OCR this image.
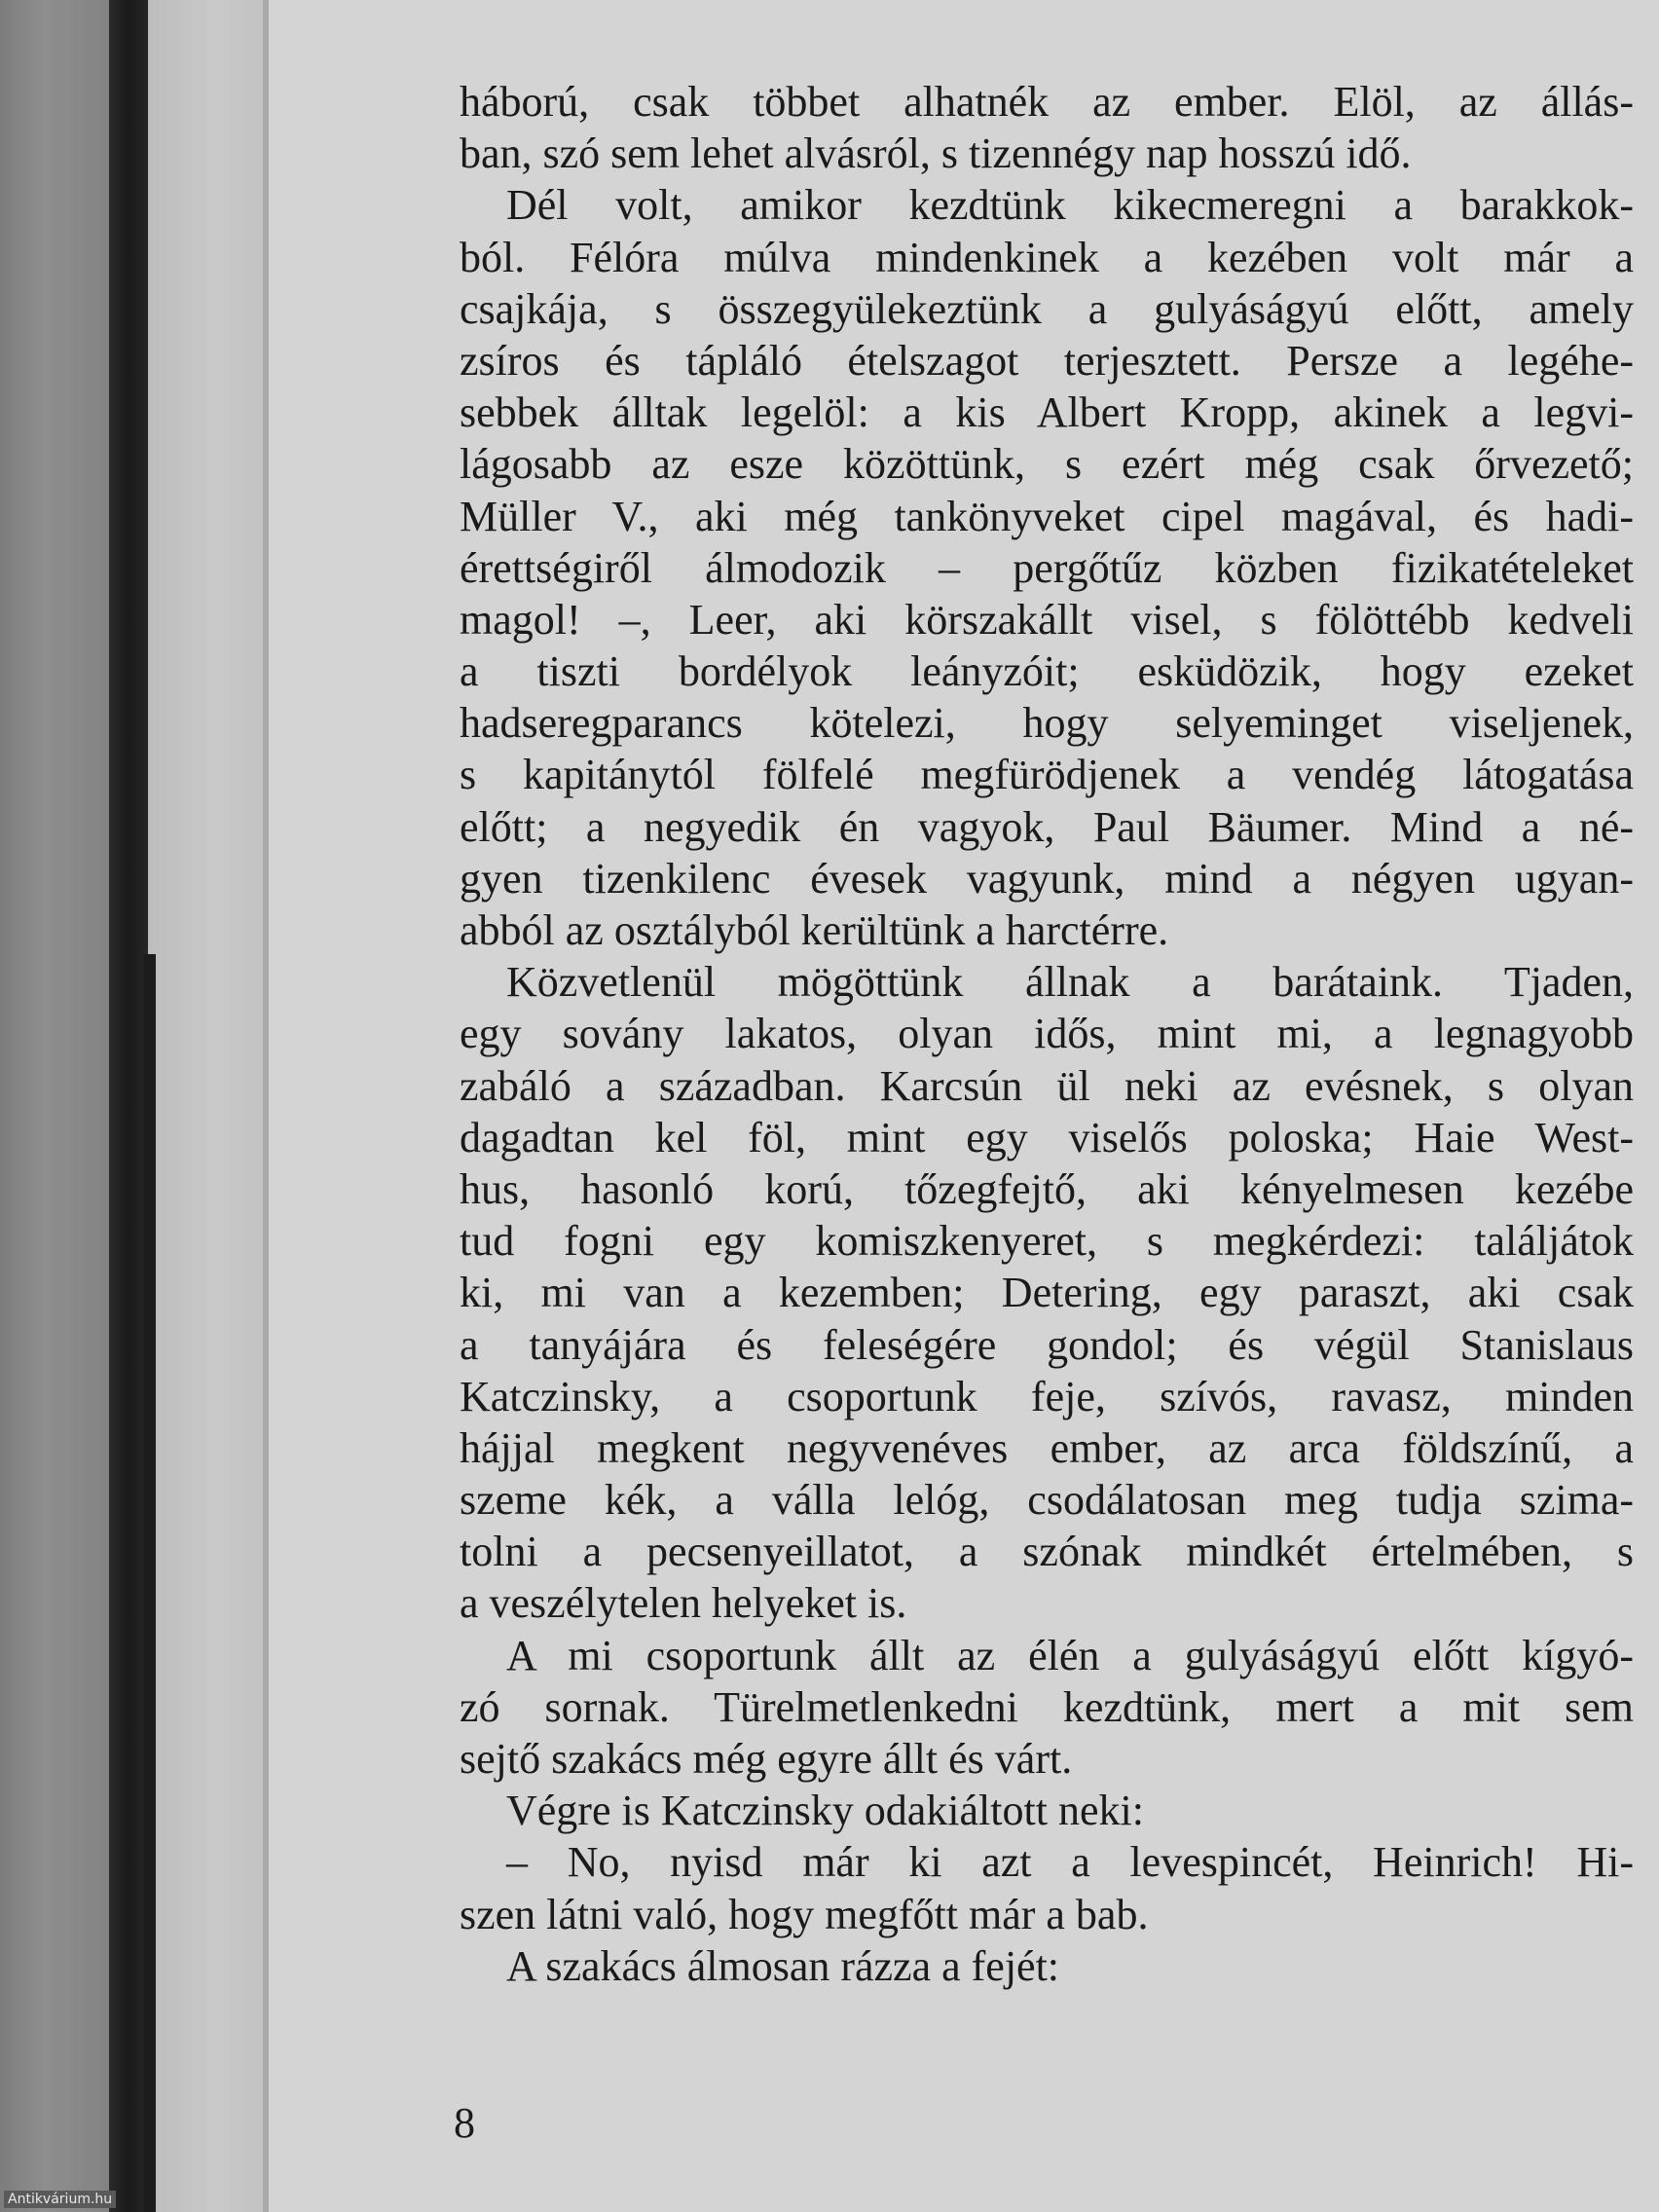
háború, csak többet alhatnék az ember. Elöl, az állás-
ban, szó sem lehet alvásról, s tizennégy nap hosszú idő.
Dél volt, amikor kezdtünk kikecmeregni a barakkok-
ból. Félóra múlva mindenkinek a kezében volt már a
csajkája, s összegyülekeztünk a gulyáságyú előtt, amely
zsíros és tápláló ételszagot terjesztett. Persze a legéhe-
sebbek álltak legelöl: a kis Albert Kropp, akinek a legvi-
lágosabb az esze közöttünk, s ezért még csak őrvezető;
Müller V., aki még tankönyveket cipel magával, és hadi-
érettségiről álmodozik – pergőtűz közben fizikatételeket
magol! –, Leer, aki körszakállt visel, s fölöttébb kedveli
a tiszti bordélyok leányzóit; esküdözik, hogy ezeket
hadseregparancs kötelezi, hogy selyeminget viseljenek,
s kapitánytól fölfelé megfürödjenek a vendég látogatása
előtt; a negyedik én vagyok, Paul Bäumer. Mind a né-
gyen tizenkilenc évesek vagyunk, mind a négyen ugyan-
abból az osztályból kerültünk a harctérre.
Közvetlenül mögöttünk állnak a barátaink. Tjaden,
egy sovány lakatos, olyan idős, mint mi, a legnagyobb
zabáló a században. Karcsún ül neki az evésnek, s olyan
dagadtan kel föl, mint egy viselős poloska; Haie West-
hus, hasonló korú, tőzegfejtő, aki kényelmesen kezébe
tud fogni egy komiszkenyeret, s megkérdezi: találjátok
ki, mi van a kezemben; Detering, egy paraszt, aki csak
a tanyájára és feleségére gondol; és végül Stanislaus
Katczinsky, a csoportunk feje, szívós, ravasz, minden
hájjal megkent negyvenéves ember, az arca földszínű, a
szeme kék, a válla lelóg, csodálatosan meg tudja szima-
tolni a pecsenyeillatot, a szónak mindkét értelmében, s
a veszélytelen helyeket is.
A mi csoportunk állt az élén a gulyáságyú előtt kígyó-
zó sornak. Türelmetlenkedni kezdtünk, mert a mit sem
sejtő szakács még egyre állt és várt.
Végre is Katczinsky odakiáltott neki:
– No, nyisd már ki azt a levespincét, Heinrich! Hi-
szen látni való, hogy megfőtt már a bab.
A szakács álmosan rázza a fejét:
8
Antikvárium.hu
